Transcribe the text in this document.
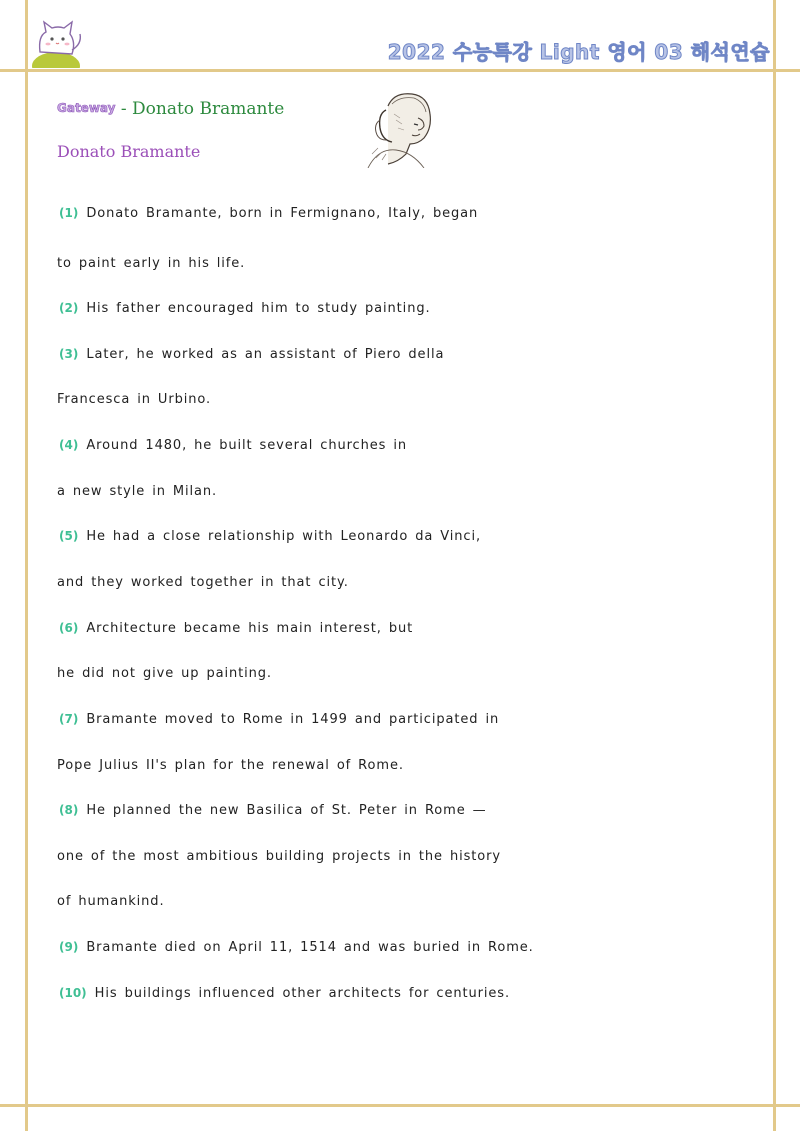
2022 수능특강 Light 영어 03 해석연습
Gateway - Donato Bramante
Donato Bramante
(1) Donato Bramante, born in Fermignano, Italy, began
to paint early in his life.
(2) His father encouraged him to study painting.
(3) Later, he worked as an assistant of Piero della
Francesca in Urbino.
(4) Around 1480, he built several churches in
a new style in Milan.
(5) He had a close relationship with Leonardo da Vinci,
and they worked together in that city.
(6) Architecture became his main interest, but
he did not give up painting.
(7) Bramante moved to Rome in 1499 and participated in
Pope Julius II's plan for the renewal of Rome.
(8) He planned the new Basilica of St. Peter in Rome —
one of the most ambitious building projects in the history
of humankind.
(9) Bramante died on April 11, 1514 and was buried in Rome.
(10) His buildings influenced other architects for centuries.
